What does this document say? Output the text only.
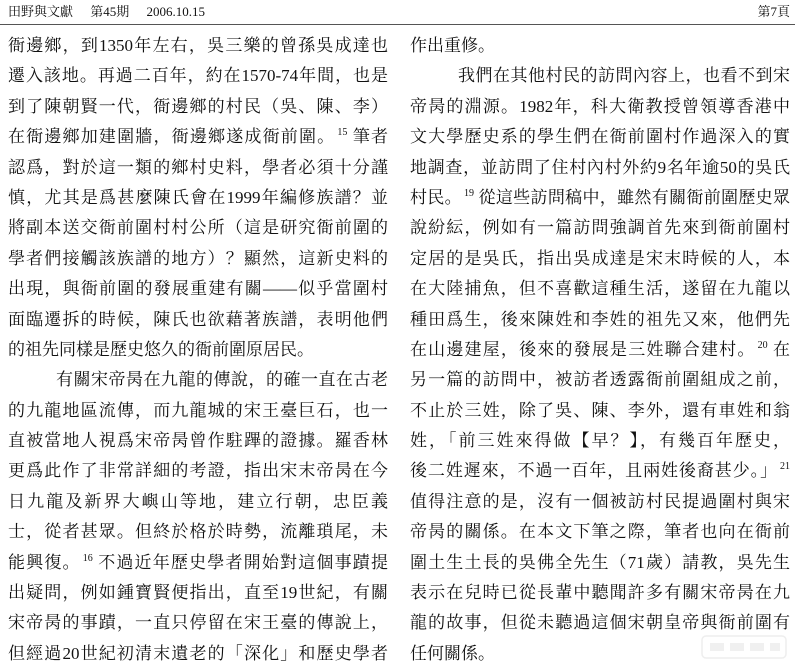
田野與文獻 第45期 2006.10.15	第7頁
衙邊鄉，到1350年左右，吳三樂的曾孫吳成達也
遷入該地。再過二百年，約在1570-74年間，也是
到了陳朝賢一代，衙邊鄉的村民（吳、陳、李）
在衙邊鄉加建圍牆，衙邊鄉遂成衙前圍。 $^{15}$ 筆者
認爲，對於這一類的鄉村史料，學者必須十分謹
慎，尤其是爲甚麼陳氏會在1999年編修族譜？並
將副本送交衙前圍村村公所（這是研究衙前圍的
學者們接觸該族譜的地方）？顯然，這新史料的
出現，與衙前圍的發展重建有關——似乎當圍村
面臨遷拆的時候，陳氏也欲藉著族譜，表明他們
的祖先同樣是歷史悠久的衙前圍原居民。
有關宋帝昺在九龍的傳說，的確一直在古老
的九龍地區流傳，而九龍城的宋王臺巨石，也一
直被當地人視爲宋帝昺曾作駐蹕的證據。羅香林
更爲此作了非常詳細的考證，指出宋末帝昺在今
日九龍及新界大嶼山等地，建立行朝，忠臣義
士，從者甚眾。但終於格於時勢，流離瑣尾，未
能興復。 $^{16}$ 不過近年歷史學者開始對這個事蹟提
出疑問，例如鍾寶賢便指出，直至19世紀，有關
宋帝昺的事蹟，一直只停留在宋王臺的傳說上，
但經過20世紀初清末遺老的「深化」和歷史學者
作出重修。
我們在其他村民的訪問內容上，也看不到宋
帝昺的淵源。1982年，科大衛教授曾領導香港中
文大學歷史系的學生們在衙前圍村作過深入的實
地調查，並訪問了住村內村外約9名年逾50的吳氏
村民。 $^{19}$ 從這些訪問稿中，雖然有關衙前圍歷史眾
說紛紜，例如有一篇訪問強調首先來到衙前圍村
定居的是吳氏，指出吳成達是宋末時候的人，本
在大陸捕魚，但不喜歡這種生活，遂留在九龍以
種田爲生，後來陳姓和李姓的祖先又來，他們先
在山邊建屋，後來的發展是三姓聯合建村。 $^{20}$ 在
另一篇的訪問中，被訪者透露衙前圍組成之前，
不止於三姓，除了吳、陳、李外，還有車姓和翁
姓，「前三姓來得做【早？】，有幾百年歷史，
後二姓遲來，不過一百年，且兩姓後裔甚少。」 $^{21}$
值得注意的是，沒有一個被訪村民提過圍村與宋
帝昺的關係。在本文下筆之際，筆者也向在衙前
圍土生土長的吳佛全先生（71歲）請教，吳先生
表示在兒時已從長輩中聽聞許多有關宋帝昺在九
龍的故事，但從未聽過這個宋朝皇帝與衙前圍有
任何關係。
